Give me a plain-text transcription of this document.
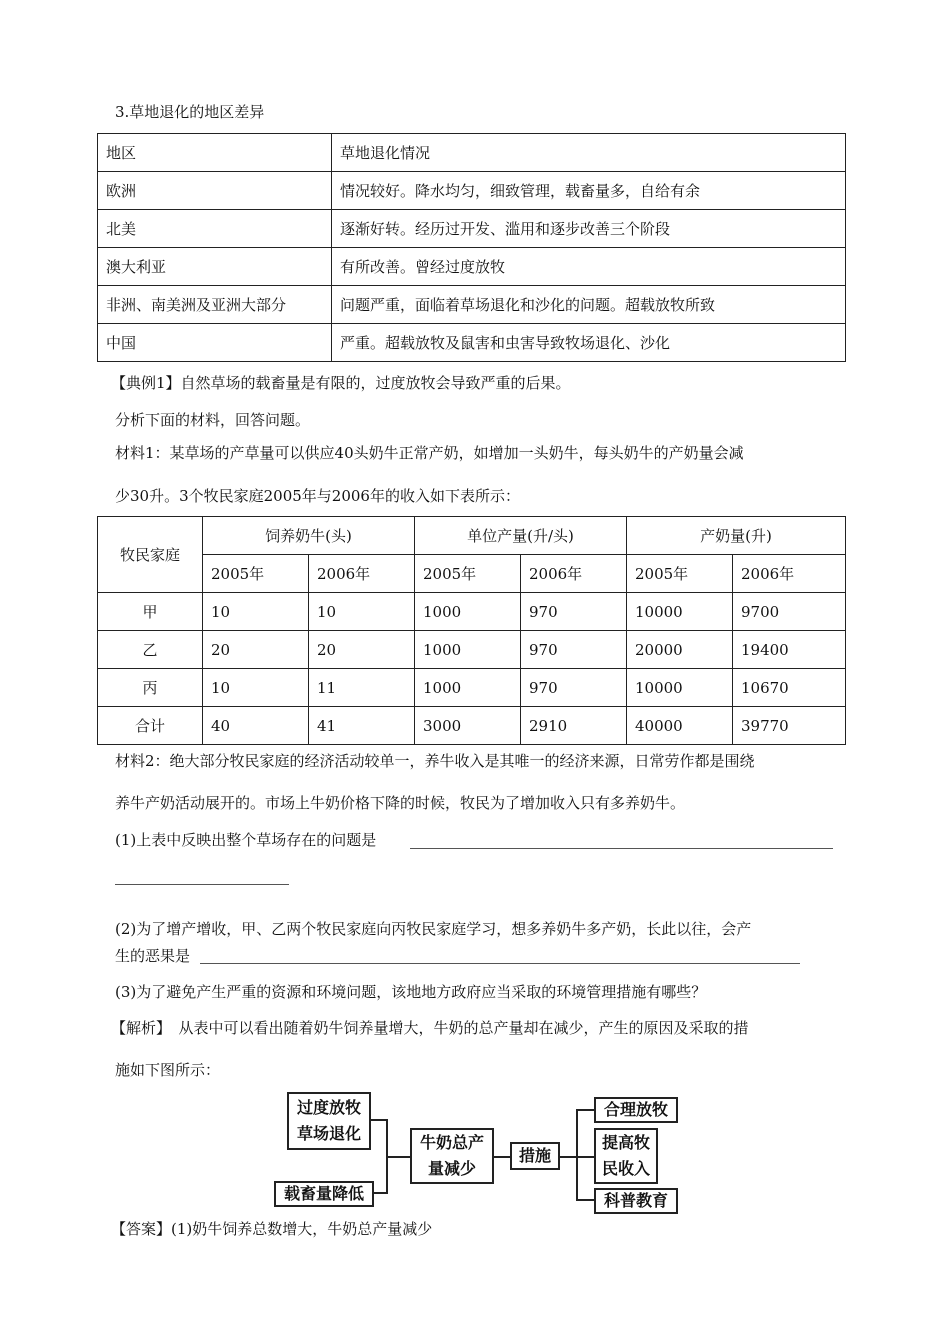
3.草地退化的地区差异
地区	草地退化情况
欧洲	情况较好。降水均匀，细致管理，载畜量多，自给有余
北美	逐渐好转。经历过开发、滥用和逐步改善三个阶段
澳大利亚	有所改善。曾经过度放牧
非洲、南美洲及亚洲大部分	问题严重，面临着草场退化和沙化的问题。超载放牧所致
中国	严重。超载放牧及鼠害和虫害导致牧场退化、沙化
【典例1】自然草场的载畜量是有限的，过度放牧会导致严重的后果。
分析下面的材料，回答问题。
材料1：某草场的产草量可以供应40头奶牛正常产奶，如增加一头奶牛，每头奶牛的产奶量会减
少30升。3个牧民家庭2005年与2006年的收入如下表所示：
牧民家庭	饲养奶牛(头)		单位产量(升/头)		产奶量(升)	
	2005年	2006年	2005年	2006年	2005年	2006年
甲	10	10	1000	970	10000	9700
乙	20	20	1000	970	20000	19400
丙	10	11	1000	970	10000	10670
合计	40	41	3000	2910	40000	39770
材料2：绝大部分牧民家庭的经济活动较单一，养牛收入是其唯一的经济来源，日常劳作都是围绕
养牛产奶活动展开的。市场上牛奶价格下降的时候，牧民为了增加收入只有多养奶牛。
(1)上表中反映出整个草场存在的问题是
(2)为了增产增收，甲、乙两个牧民家庭向丙牧民家庭学习，想多养奶牛多产奶，长此以往，会产
生的恶果是
(3)为了避免产生严重的资源和环境问题，该地地方政府应当采取的环境管理措施有哪些？
【解析】　从表中可以看出随着奶牛饲养量增大，牛奶的总产量却在减少，产生的原因及采取的措
施如下图所示：
过度放牧
草场退化
载畜量降低
牛奶总产
量减少
措施
合理放牧
提高牧
民收入
科普教育
【答案】(1)奶牛饲养总数增大，牛奶总产量减少
